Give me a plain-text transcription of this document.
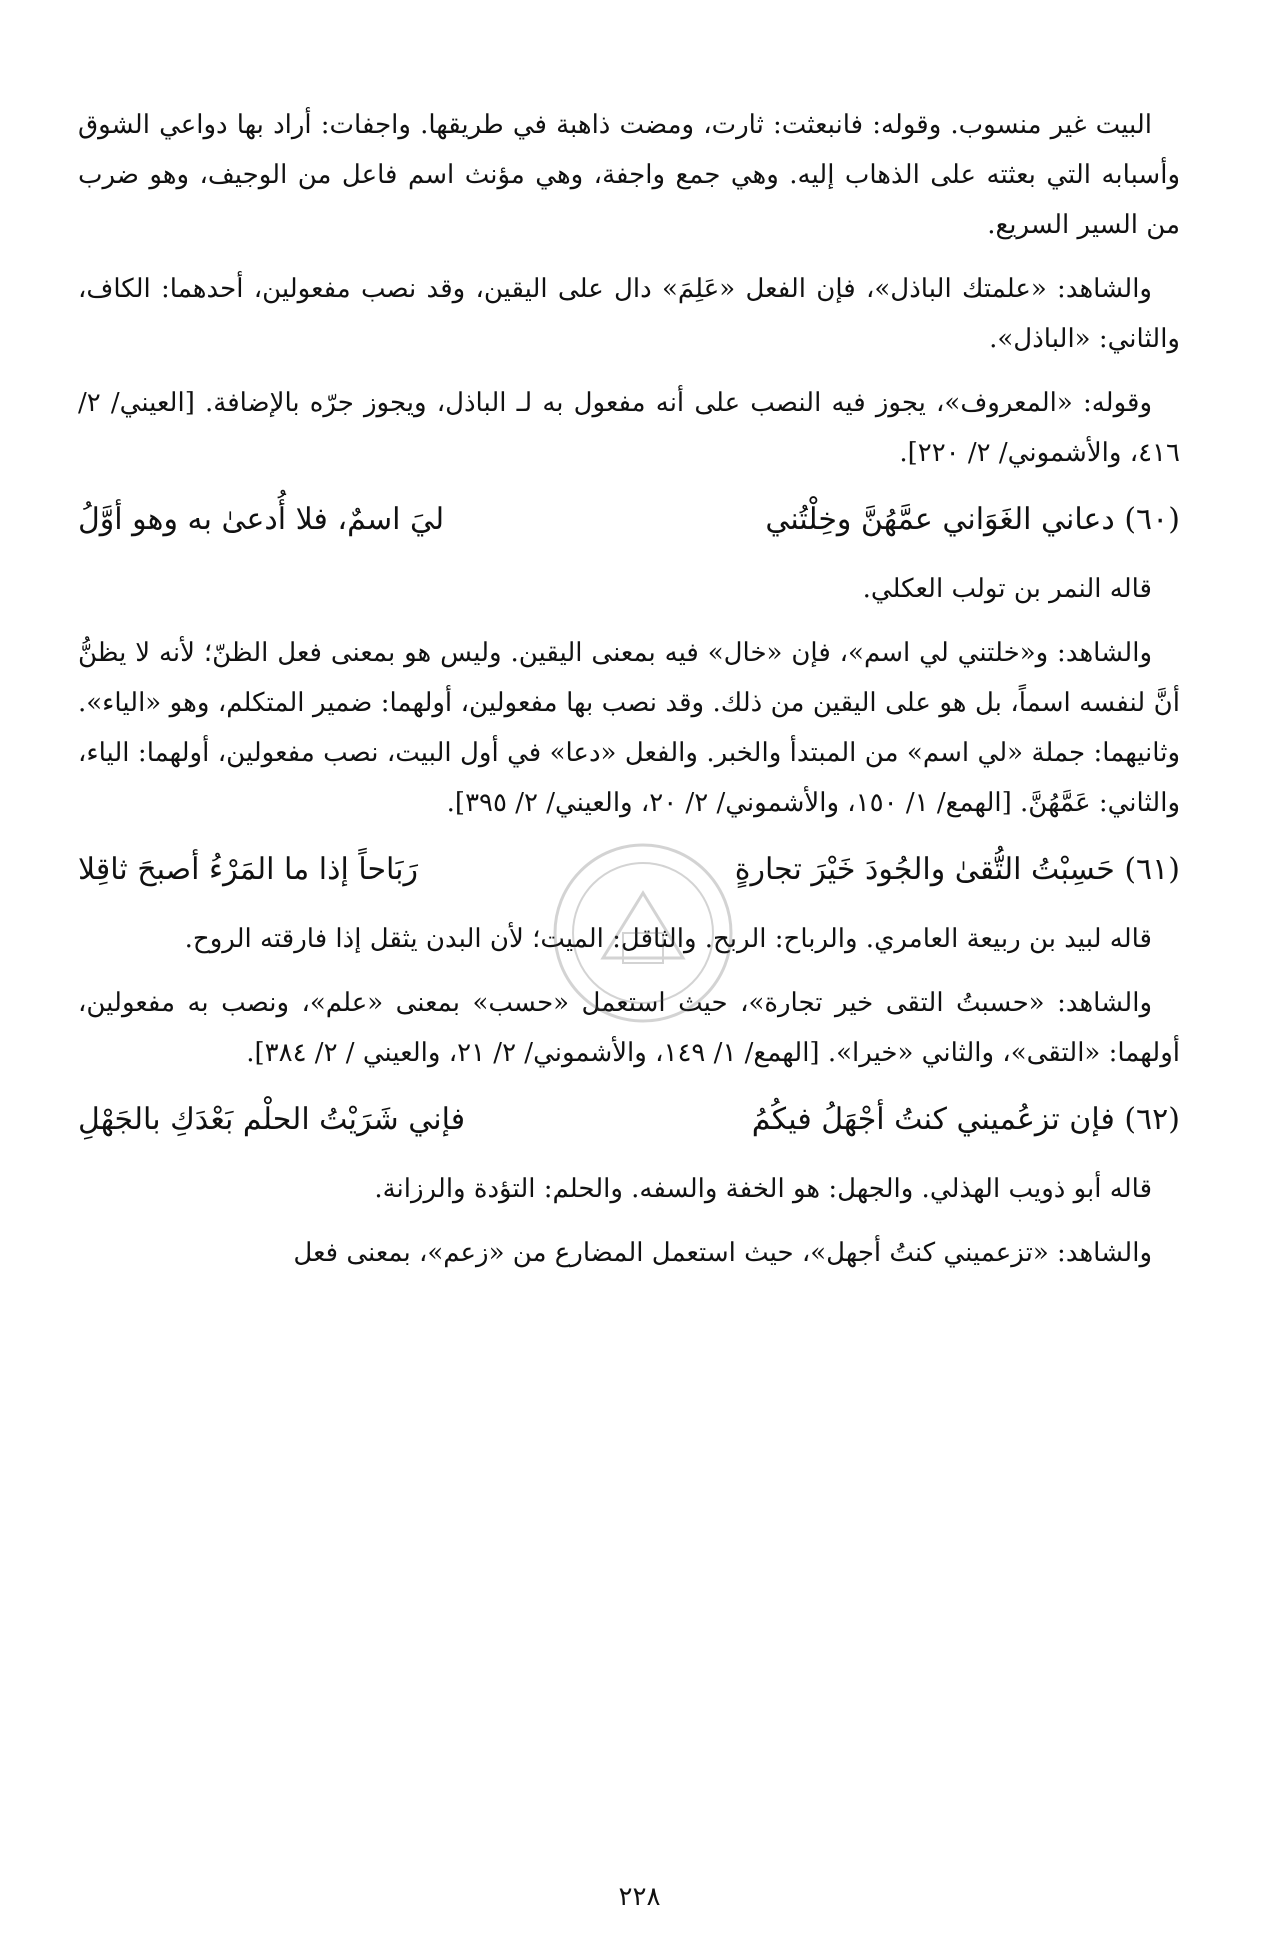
البيت غير منسوب. وقوله: فانبعثت: ثارت، ومضت ذاهبة في طريقها. واجفات: أراد بها دواعي الشوق وأسبابه التي بعثته على الذهاب إليه. وهي جمع واجفة، وهي مؤنث اسم فاعل من الوجيف، وهو ضرب من السير السريع.
والشاهد: «علمتك الباذل»، فإن الفعل «عَلِمَ» دال على اليقين، وقد نصب مفعولين، أحدهما: الكاف، والثاني: «الباذل».
وقوله: «المعروف»، يجوز فيه النصب على أنه مفعول به لـ الباذل، ويجوز جرّه بالإضافة. [العيني/ ٢/ ٤١٦، والأشموني/ ٢/ ٢٢٠].
(٦٠) دعاني الغَوَاني عمَّهُنَّ وخِلْتُني
ليَ اسمٌ، فلا أُدعىٰ به وهو أوَّلُ
قاله النمر بن تولب العكلي.
والشاهد: و«خلتني لي اسم»، فإن «خال» فيه بمعنى اليقين. وليس هو بمعنى فعل الظنّ؛ لأنه لا يظنُّ أنَّ لنفسه اسماً، بل هو على اليقين من ذلك. وقد نصب بها مفعولين، أولهما: ضمير المتكلم، وهو «الياء». وثانيهما: جملة «لي اسم» من المبتدأ والخبر. والفعل «دعا» في أول البيت، نصب مفعولين، أولهما: الياء، والثاني: عَمَّهُنَّ. [الهمع/ ١/ ١٥٠، والأشموني/ ٢/ ٢٠، والعيني/ ٢/ ٣٩٥].
(٦١) حَسِبْتُ التُّقىٰ والجُودَ خَيْرَ تجارةٍ
رَبَاحاً إذا ما المَرْءُ أصبحَ ثاقِلا
قاله لبيد بن ربيعة العامري. والرباح: الربح. والثاقل: الميت؛ لأن البدن يثقل إذا فارقته الروح.
والشاهد: «حسبتُ التقى خير تجارة»، حيث استعمل «حسب» بمعنى «علم»، ونصب به مفعولين، أولهما: «التقى»، والثاني «خيرا». [الهمع/ ١/ ١٤٩، والأشموني/ ٢/ ٢١، والعيني / ٢/ ٣٨٤].
(٦٢) فإن تزعُميني كنتُ أجْهَلُ فيكُمُ
فإني شَرَيْتُ الحلْم بَعْدَكِ بالجَهْلِ
قاله أبو ذويب الهذلي. والجهل: هو الخفة والسفه. والحلم: التؤدة والرزانة.
والشاهد: «تزعميني كنتُ أجهل»، حيث استعمل المضارع من «زعم»، بمعنى فعل
٢٢٨
